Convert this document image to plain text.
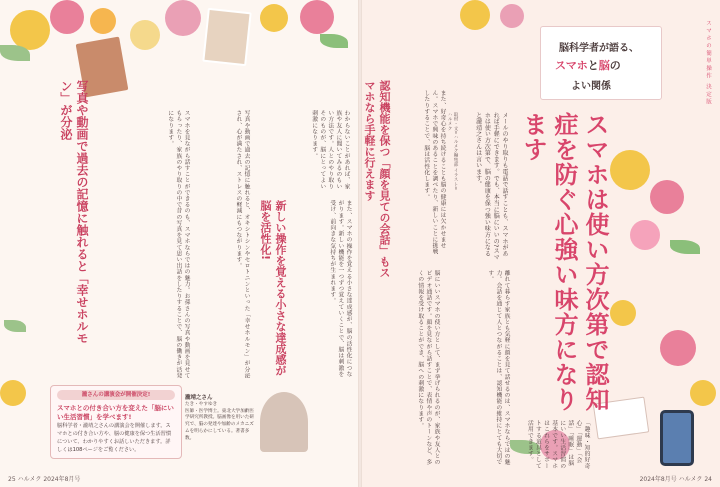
写真や動画で過去の記憶に触れると「幸せホルモン」が分泌	スマホを見ながら話すことができるのも、スマホならではの魅力。お孫さんの写真や動画を見せてもらったり、家族のやり取りの中で昔の写真を見て思い出話をしたりすることで、脳の働きが活発になります。	写真や動画で過去の記憶に触れると、オキシトシンやセロトニンといった「幸せホルモン」が分泌され、心が満たされ、ストレスの軽減にもつながります。
新しい操作を覚える小さな達成感が脳を活性化!	また、スマホの操作を覚える小さな達成感が、脳の活性化につながります。新しい機能を一つずつ覚えていくことで、脳は刺激を受け、前向きな気持ちが生まれます。
わからないことがあれば、家族や友人に聞いてみるのもいい方法です。人とのやり取りそのものが、脳にとってよい刺激になります。
瀧さんの講演会が開催決定!
スマホとの付き合い方を変えた「脳にいい生活習慣」を学べます!
脳科学者・瀧靖之さんの講演会を開催します。スマホとの付き合い方や、脳の健康を保つ生活習慣について、わかりやすくお話しいただきます。詳しくは108ページをご覧ください。
瀧靖之さん
たき・やすゆき
医師・医学博士。東北大学加齢医学研究所教授。脳画像を用いた研究で、脳の発達や加齢のメカニズムを明らかにしている。著書多数。
25 ハルメク 2024年8月号
スマホの簡単操作 決定版
脳科学者が語る、
スマホと脳の
よい関係
スマホは使い方次第で認知症を防ぐ心強い味方になります
メールのやり取りも電話で話すことも、スマホがあれば手軽にできます。でも、本当に脳にいいの?スマホは使い方次第で、脳の健康を保つ強い味方になると瀧靖之さんは言います。
取材・文=ハルメク編集部 イラスト=ハルメク
脳にいいスマホの使い方として、まず挙げられるのが、家族や友人とのビデオ通話です。顔を見ながら話すことで、表情や声のトーンなど、多くの情報を受け取ることができ、脳への刺激になります。	離れて暮らす家族とも気軽に顔を見て話せるのは、スマホならではの魅力。会話を通じて人とつながることは、認知機能の維持にとても大切です。
認知機能を保つ「顔を見ての会話」もスマホなら手軽に行えます	また、好奇心を持ち続けることも脳の健康には欠かせません。スマホで興味のあることを調べたり、新しいことに挑戦したりすることで、脳は活性化します。
「趣味・知的好奇心」「運動」「会話」「睡眠」は脳にいい生活習慣の基本です。スマホはこれらをサポートする道具として活用できます。
2024年8月号 ハルメク 24
